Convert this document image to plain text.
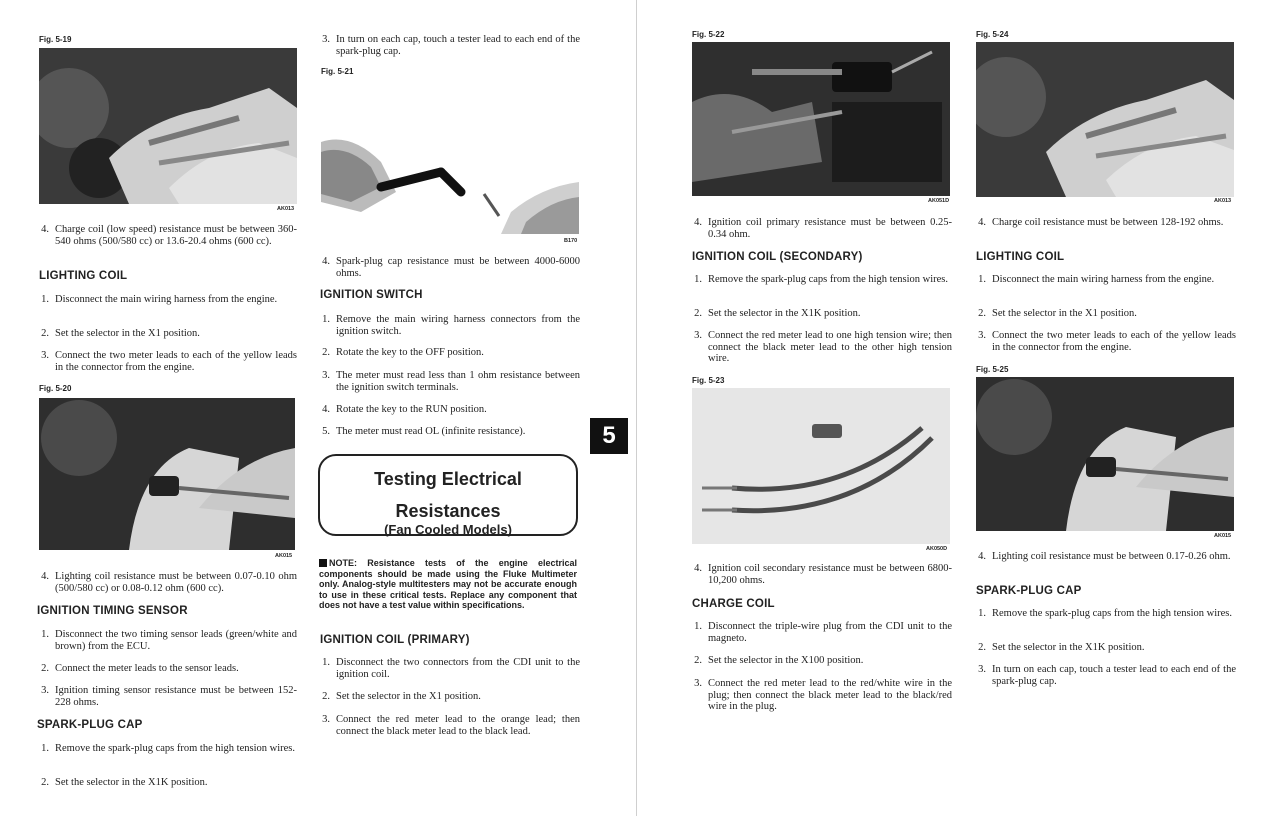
Fig. 5-19
AK013
4. Charge coil (low speed) resistance must be between 360-540 ohms (500/580 cc) or 13.6-20.4 ohms (600 cc).
LIGHTING COIL
1. Disconnect the main wiring harness from the engine.
2. Set the selector in the X1 position.
3. Connect the two meter leads to each of the yellow leads in the connector from the engine.
Fig. 5-20
AK015
4. Lighting coil resistance must be between 0.07-0.10 ohm (500/580 cc) or 0.08-0.12 ohm (600 cc).
IGNITION TIMING SENSOR
1. Disconnect the two timing sensor leads (green/white and brown) from the ECU.
2. Connect the meter leads to the sensor leads.
3. Ignition timing sensor resistance must be between 152-228 ohms.
SPARK-PLUG CAP
1. Remove the spark-plug caps from the high tension wires.
2. Set the selector in the X1K position.
3. In turn on each cap, touch a tester lead to each end of the spark-plug cap.
Fig. 5-21
B170
4. Spark-plug cap resistance must be between 4000-6000 ohms.
IGNITION SWITCH
1. Remove the main wiring harness connectors from the ignition switch.
2. Rotate the key to the OFF position.
3. The meter must read less than 1 ohm resistance between the ignition switch terminals.
4. Rotate the key to the RUN position.
5. The meter must read OL (infinite resistance).	5
Testing Electrical
Resistances
(Fan Cooled Models)
NOTE: Resistance tests of the engine electrical components should be made using the Fluke Multimeter only. Analog-style multitesters may not be accurate enough to use in these critical tests. Replace any component that does not have a test value within specifications.
IGNITION COIL (PRIMARY)
1. Disconnect the two connectors from the CDI unit to the ignition coil.
2. Set the selector in the X1 position.
3. Connect the red meter lead to the orange lead; then connect the black meter lead to the black lead.
Fig. 5-22
AK051D
4. Ignition coil primary resistance must be between 0.25-0.34 ohm.
IGNITION COIL (SECONDARY)
1. Remove the spark-plug caps from the high tension wires.
2. Set the selector in the X1K position.
3. Connect the red meter lead to one high tension wire; then connect the black meter lead to the other high tension wire.
Fig. 5-23
AK050D
4. Ignition coil secondary resistance must be between 6800-10,200 ohms.
CHARGE COIL
1. Disconnect the triple-wire plug from the CDI unit to the magneto.
2. Set the selector in the X100 position.
3. Connect the red meter lead to the red/white wire in the plug; then connect the black meter lead to the black/red wire in the plug.
Fig. 5-24
AK013
4. Charge coil resistance must be between 128-192 ohms.
LIGHTING COIL
1. Disconnect the main wiring harness from the engine.
2. Set the selector in the X1 position.
3. Connect the two meter leads to each of the yellow leads in the connector from the engine.
Fig. 5-25
AK015
4. Lighting coil resistance must be between 0.17-0.26 ohm.
SPARK-PLUG CAP
1. Remove the spark-plug caps from the high tension wires.
2. Set the selector in the X1K position.
3. In turn on each cap, touch a tester lead to each end of the spark-plug cap.
